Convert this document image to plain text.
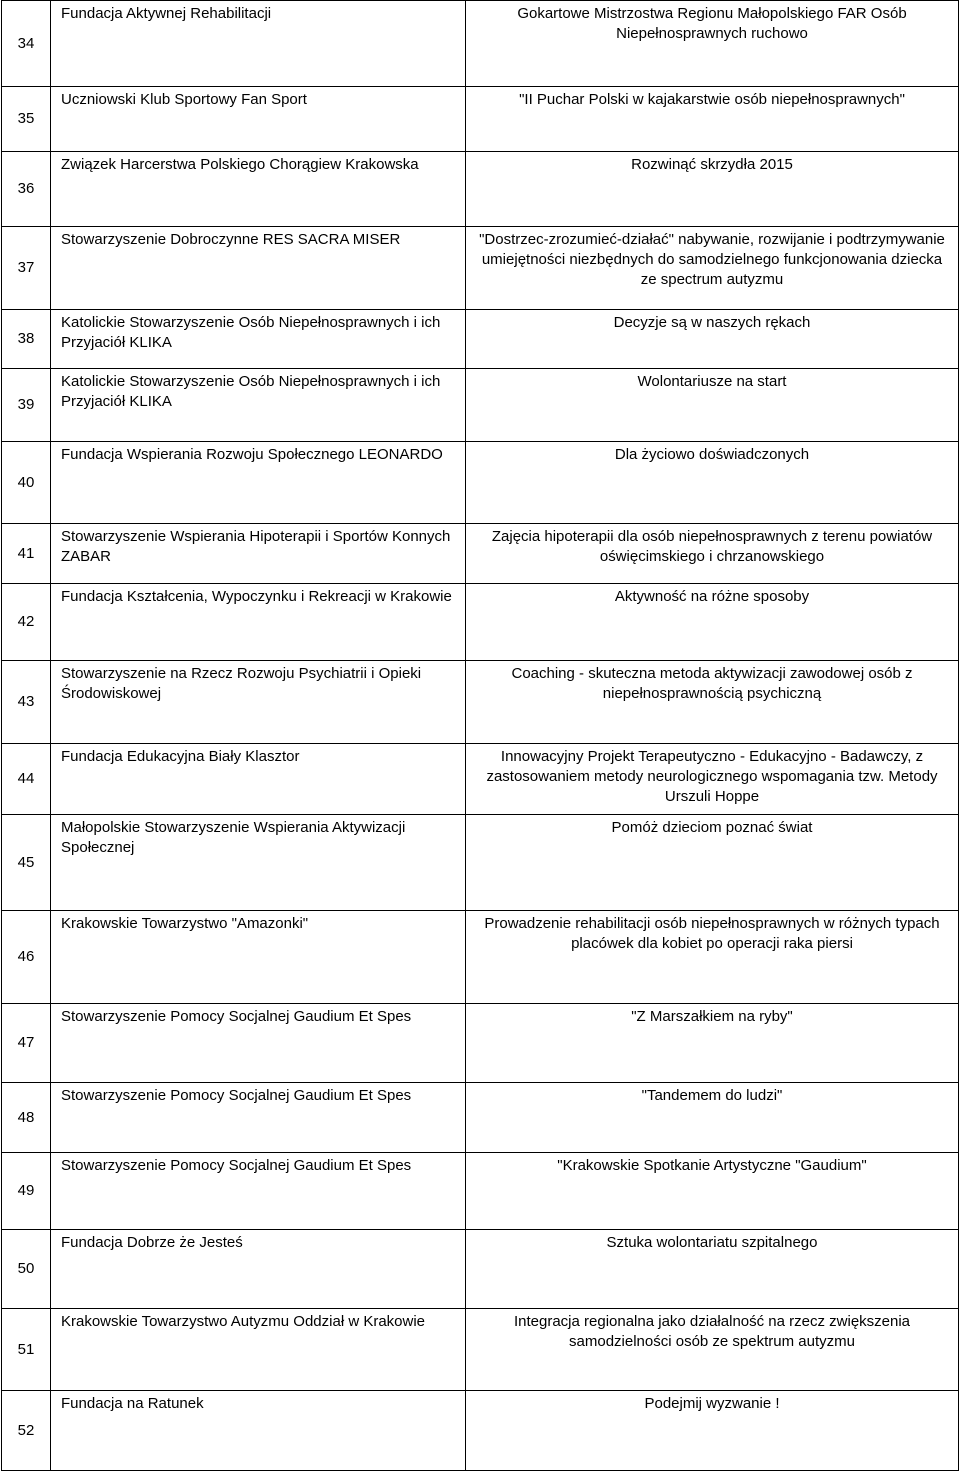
34	Fundacja Aktywnej Rehabilitacji	Gokartowe Mistrzostwa Regionu Małopolskiego FAR Osób Niepełnosprawnych ruchowo
35	Uczniowski Klub Sportowy Fan Sport	"II Puchar Polski w kajakarstwie osób niepełnosprawnych"
36	Związek Harcerstwa Polskiego Chorągiew Krakowska	Rozwinąć skrzydła 2015
37	Stowarzyszenie Dobroczynne RES SACRA MISER	"Dostrzec-zrozumieć-działać" nabywanie, rozwijanie i podtrzymywanie umiejętności niezbędnych do samodzielnego funkcjonowania dziecka ze spectrum autyzmu
38	Katolickie Stowarzyszenie Osób Niepełnosprawnych i ich Przyjaciół KLIKA	Decyzje są w naszych rękach
39	Katolickie Stowarzyszenie Osób Niepełnosprawnych i ich Przyjaciół KLIKA	Wolontariusze na start
40	Fundacja Wspierania Rozwoju Społecznego LEONARDO	Dla życiowo doświadczonych
41	Stowarzyszenie Wspierania Hipoterapii i Sportów Konnych ZABAR	Zajęcia hipoterapii dla osób niepełnosprawnych z terenu powiatów oświęcimskiego i chrzanowskiego
42	Fundacja Kształcenia, Wypoczynku i Rekreacji w Krakowie	Aktywność na różne sposoby
43	Stowarzyszenie na Rzecz Rozwoju Psychiatrii i Opieki Środowiskowej	Coaching - skuteczna metoda aktywizacji zawodowej osób z niepełnosprawnością psychiczną
44	Fundacja Edukacyjna Biały Klasztor	Innowacyjny Projekt Terapeutyczno - Edukacyjno - Badawczy, z zastosowaniem metody neurologicznego wspomagania tzw. Metody Urszuli Hoppe
45	Małopolskie Stowarzyszenie Wspierania Aktywizacji Społecznej	Pomóż dzieciom poznać świat
46	Krakowskie Towarzystwo "Amazonki"	Prowadzenie rehabilitacji osób niepełnosprawnych w różnych typach placówek dla kobiet po operacji raka piersi
47	Stowarzyszenie Pomocy Socjalnej Gaudium Et Spes	"Z Marszałkiem na ryby"
48	Stowarzyszenie Pomocy Socjalnej Gaudium Et Spes	"Tandemem do ludzi"
49	Stowarzyszenie Pomocy Socjalnej Gaudium Et Spes	"Krakowskie Spotkanie Artystyczne "Gaudium"
50	Fundacja Dobrze że Jesteś	Sztuka wolontariatu szpitalnego
51	Krakowskie Towarzystwo Autyzmu Oddział w Krakowie	Integracja regionalna jako działalność na rzecz zwiększenia samodzielności osób ze spektrum autyzmu
52	Fundacja na Ratunek	Podejmij wyzwanie !
